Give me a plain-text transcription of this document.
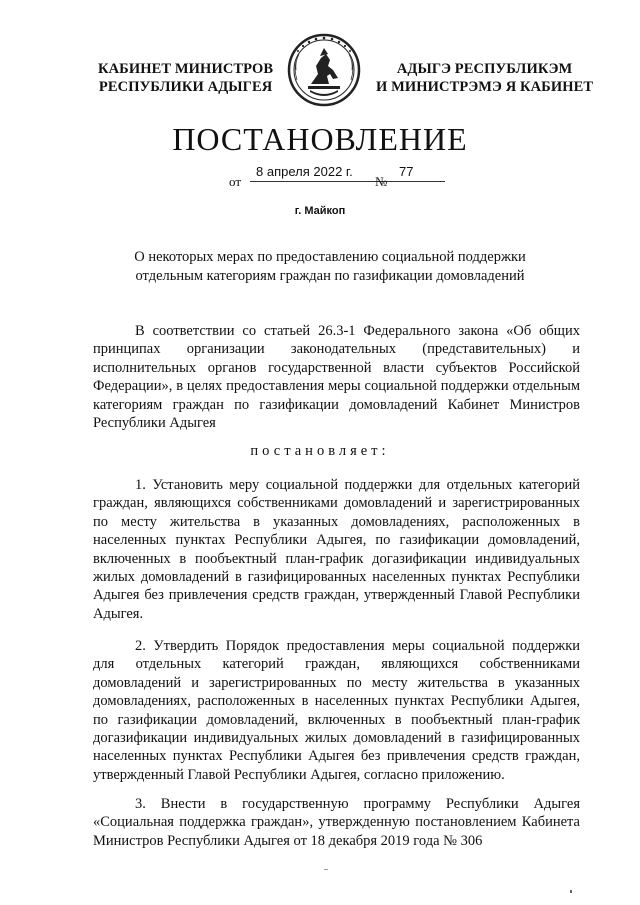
КАБИНЕТ МИНИСТРОВ
РЕСПУБЛИКИ АДЫГЕЯ
АДЫГЭ РЕСПУБЛИКЭМ
И МИНИСТРЭМЭ Я КАБИНЕТ
ПОСТАНОВЛЕНИЕ
от
8 апреля 2022 г.
№
77
г. Майкоп
О некоторых мерах по предоставлению социальной поддержки отдельным категориям граждан по газификации домовладений
В соответствии со статьей 26.3-1 Федерального закона «Об общих принципах организации законодательных (представительных) и исполнительных органов государственной власти субъектов Российской Федерации», в целях предоставления меры социальной поддержки отдельным категориям граждан по газификации домовладений Кабинет Министров Республики Адыгея
постановляет:
1. Установить меру социальной поддержки для отдельных категорий граждан, являющихся собственниками домовладений и зарегистрированных по месту жительства в указанных домовладениях, расположенных в населенных пунктах Республики Адыгея, по газификации домовладений, включенных в пообъектный план-график догазификации индивидуальных жилых домовладений в газифицированных населенных пунктах Республики Адыгея без привлечения средств граждан, утвержденный Главой Республики Адыгея.
2. Утвердить Порядок предоставления меры социальной поддержки для отдельных категорий граждан, являющихся собственниками домовладений и зарегистрированных по месту жительства в указанных домовладениях, расположенных в населенных пунктах Республики Адыгея, по газификации домовладений, включенных в пообъектный план-график догазификации индивидуальных жилых домовладений в газифицированных населенных пунктах Республики Адыгея без привлечения средств граждан, утвержденный Главой Республики Адыгея, согласно приложению.
3. Внести в государственную программу Республики Адыгея «Социальная поддержка граждан», утвержденную постановлением Кабинета Министров Республики Адыгея от 18 декабря 2019 года № 306
